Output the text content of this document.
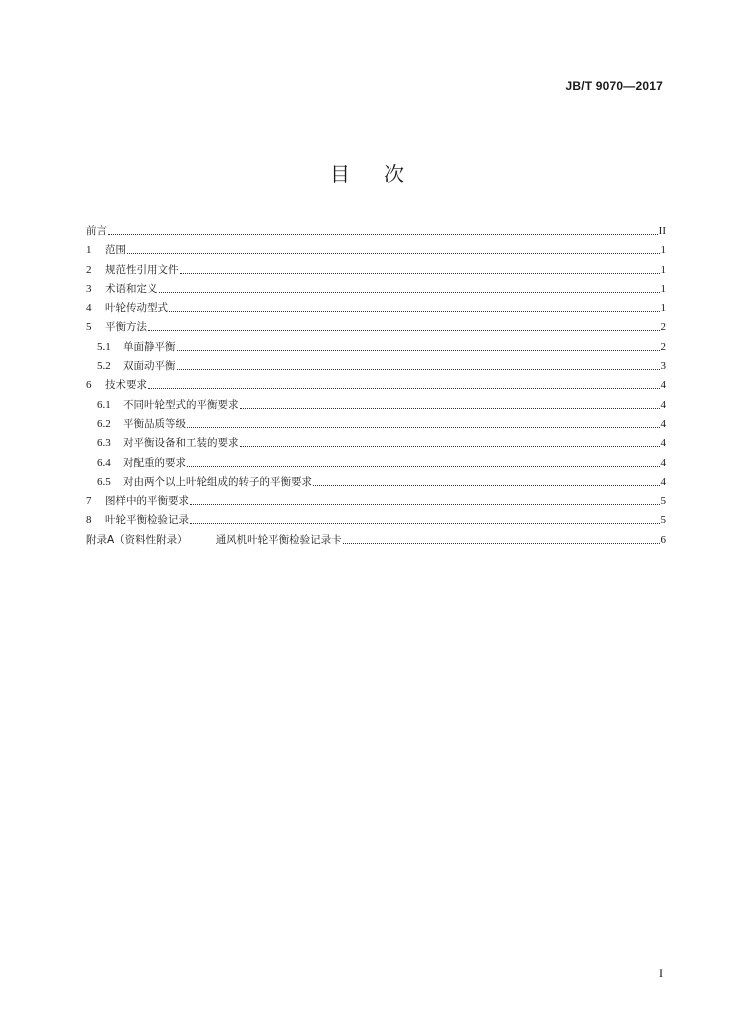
JB/T 9070—2017
目次
前言	II
1	范围	1
2	规范性引用文件	1
3	术语和定义	1
4	叶轮传动型式	1
5	平衡方法	2
5.1	单面静平衡	2
5.2	双面动平衡	3
6	技术要求	4
6.1	不同叶轮型式的平衡要求	4
6.2	平衡品质等级	4
6.3	对平衡设备和工装的要求	4
6.4	对配重的要求	4
6.5	对由两个以上叶轮组成的转子的平衡要求	4
7	图样中的平衡要求	5
8	叶轮平衡检验记录	5
附录A（资料性附录）	通风机叶轮平衡检验记录卡	6
I
